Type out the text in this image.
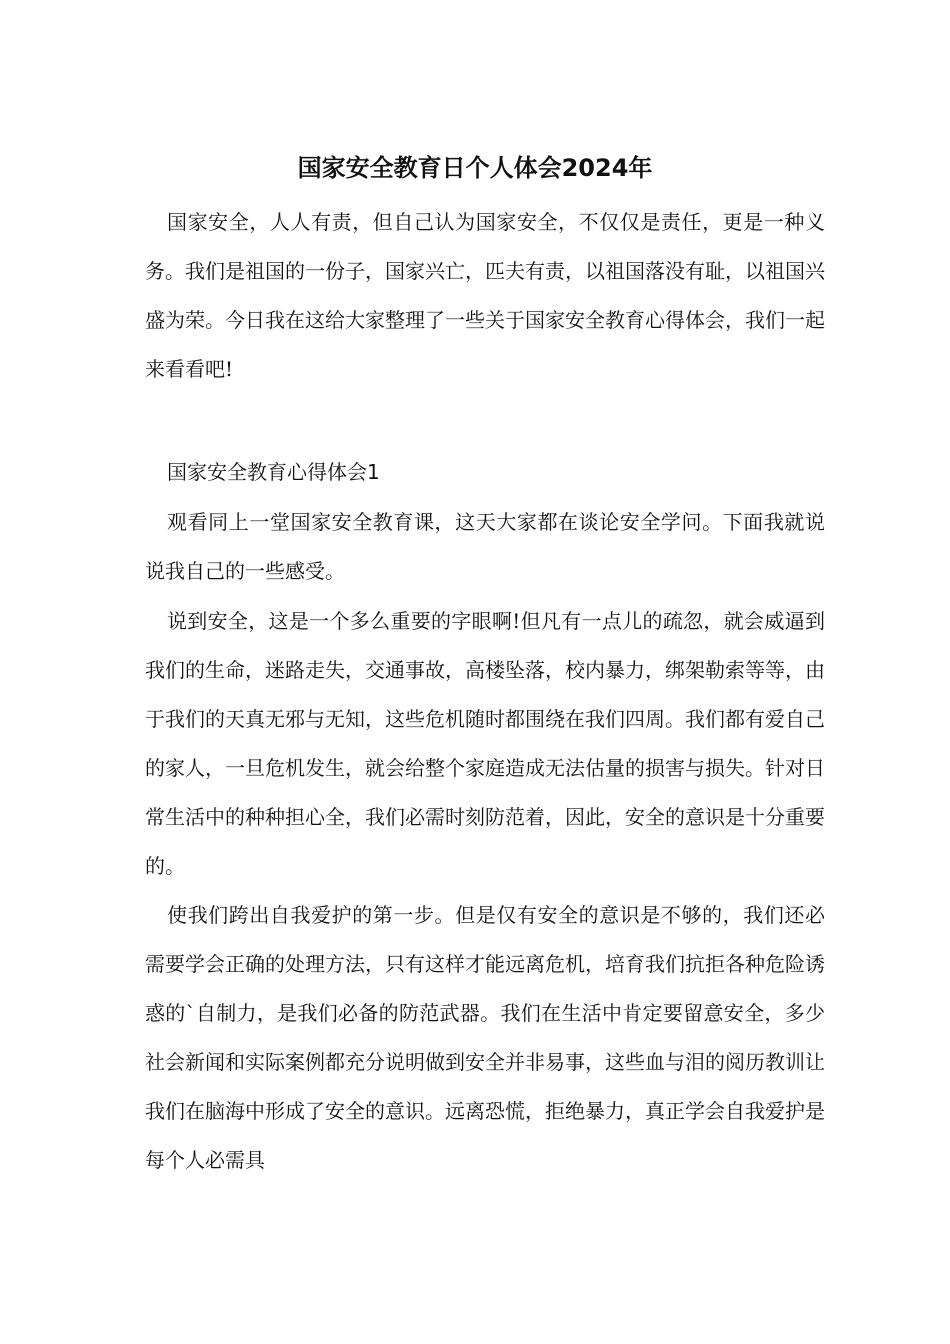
国家安全教育日个人体会2024年

国家安全，人人有责，但自己认为国家安全，不仅仅是责任，更是一种义务。我们是祖国的一份子，国家兴亡，匹夫有责，以祖国落没有耻，以祖国兴盛为荣。今日我在这给大家整理了一些关于国家安全教育心得体会，我们一起来看看吧!

国家安全教育心得体会1

观看同上一堂国家安全教育课，这天大家都在谈论安全学问。下面我就说说我自己的一些感受。

说到安全，这是一个多么重要的字眼啊!但凡有一点儿的疏忽，就会威逼到我们的生命，迷路走失，交通事故，高楼坠落，校内暴力，绑架勒索等等，由于我们的天真无邪与无知，这些危机随时都围绕在我们四周。我们都有爱自己的家人，一旦危机发生，就会给整个家庭造成无法估量的损害与损失。针对日常生活中的种种担心全，我们必需时刻防范着，因此，安全的意识是十分重要的。

使我们跨出自我爱护的第一步。但是仅有安全的意识是不够的，我们还必需要学会正确的处理方法，只有这样才能远离危机，培育我们抗拒各种危险诱惑的`自制力，是我们必备的防范武器。我们在生活中肯定要留意安全，多少社会新闻和实际案例都充分说明做到安全并非易事，这些血与泪的阅历教训让我们在脑海中形成了安全的意识。远离恐慌，拒绝暴力，真正学会自我爱护是每个人必需具
